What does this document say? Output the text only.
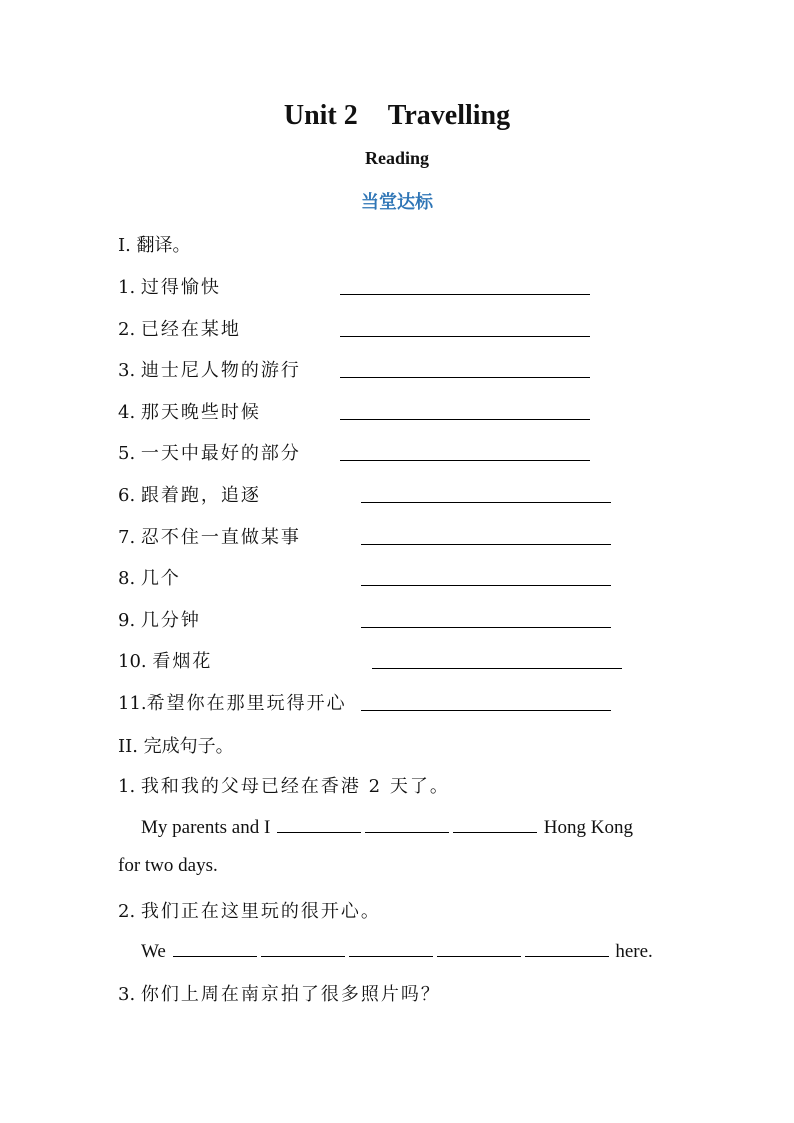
Unit 2 Travelling
Reading
当堂达标
I. 翻译。
1. 过得愉快
2. 已经在某地
3. 迪士尼人物的游行
4. 那天晚些时候
5. 一天中最好的部分
6. 跟着跑，追逐
7. 忍不住一直做某事
8. 几个
9. 几分钟
10. 看烟花
11.希望你在那里玩得开心
II. 完成句子。
1. 我和我的父母已经在香港 2 天了。
My parents and I	Hong Kong
for two days.
2. 我们正在这里玩的很开心。
We	here.
3. 你们上周在南京拍了很多照片吗？
